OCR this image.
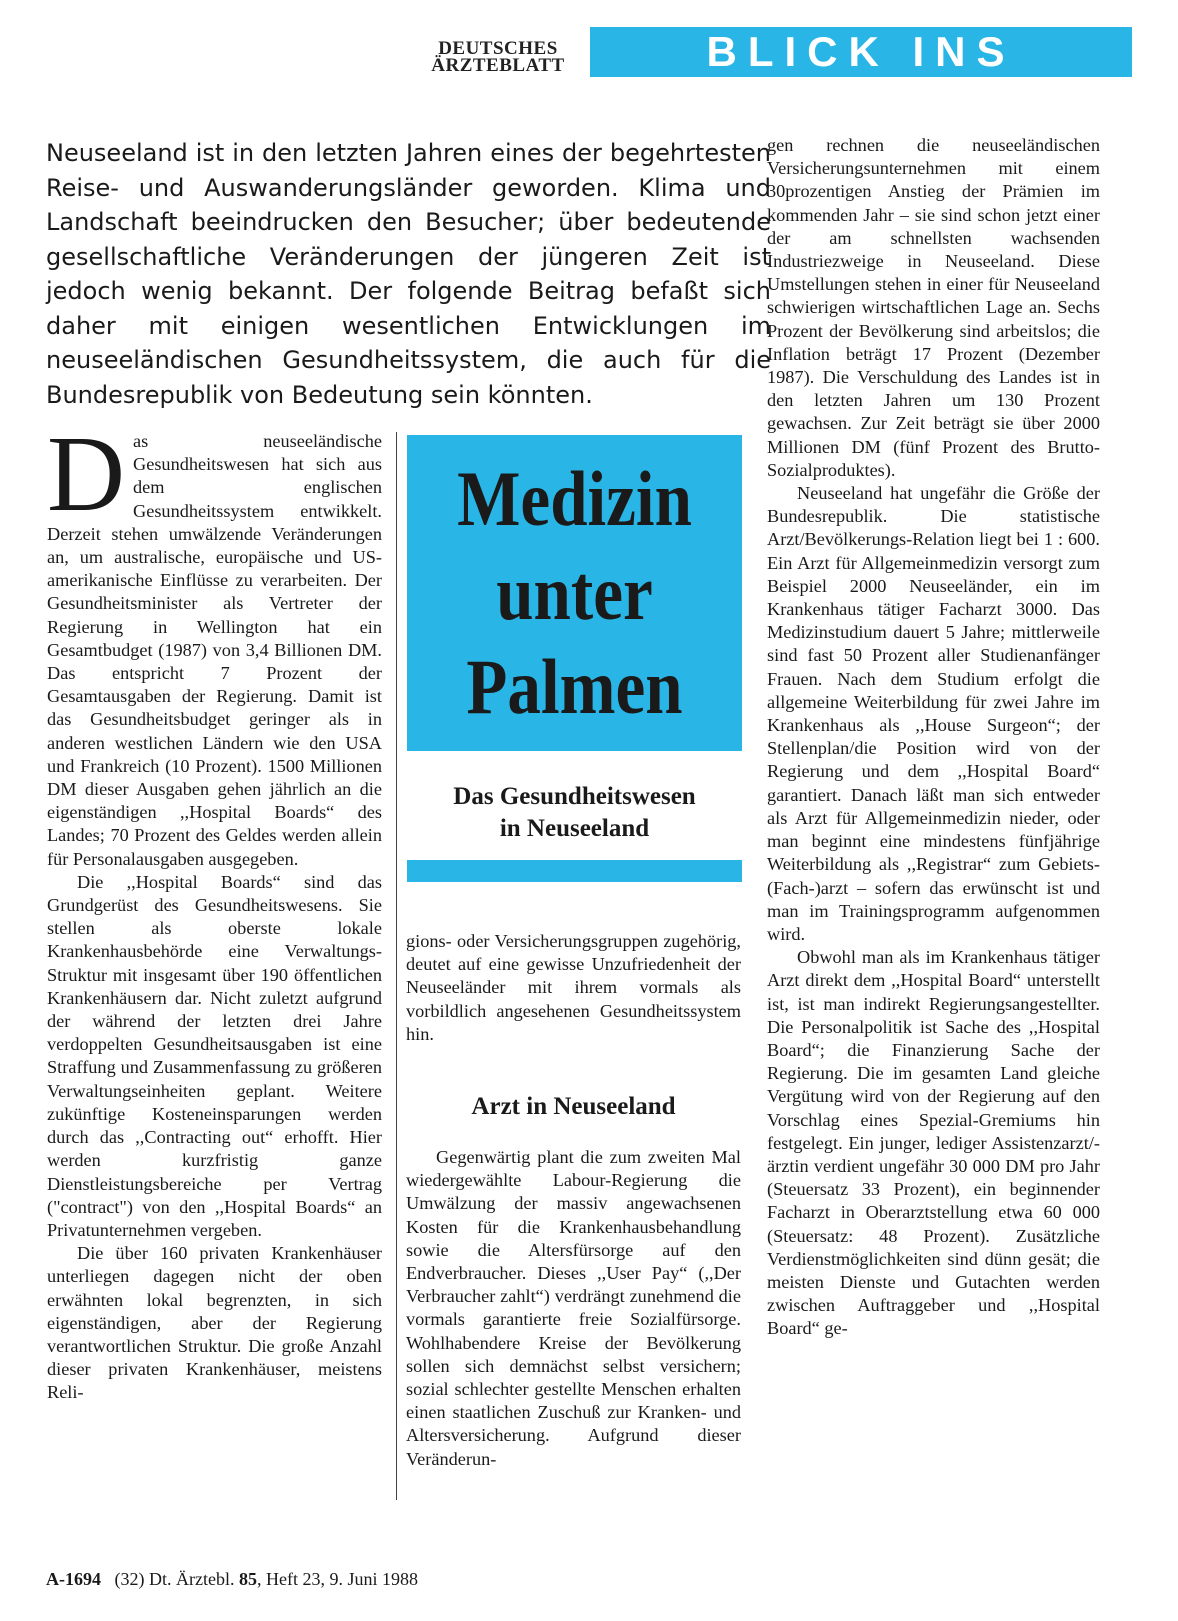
DEUTSCHES
ÄRZTEBLATT	BLICK INS AUSLAND
Neuseeland ist in den letzten Jahren eines der begehrtesten Reise- und Auswanderungsländer geworden. Klima und Landschaft beeindrucken den Besucher; über bedeutende gesellschaftliche Veränderungen der jüngeren Zeit ist jedoch wenig bekannt. Der folgende Beitrag befaßt sich daher mit einigen wesentlichen Entwicklungen im neuseeländischen Gesundheitssystem, die auch für die Bundesrepublik von Bedeutung sein könnten.

Das neuseeländische Gesundheitswesen hat sich aus dem englischen Gesundheitssystem entwikkelt. Derzeit stehen umwälzende Veränderungen an, um australische, europäische und US-amerikanische Einflüsse zu verarbeiten. Der Gesundheitsminister als Vertreter der Regierung in Wellington hat ein Gesamtbudget (1987) von 3,4 Billionen DM. Das entspricht 7 Prozent der Gesamtausgaben der Regierung. Damit ist das Gesundheitsbudget geringer als in anderen westlichen Ländern wie den USA und Frankreich (10 Prozent). 1500 Millionen DM dieser Ausgaben gehen jährlich an die eigenständigen ,,Hospital Boards“ des Landes; 70 Prozent des Geldes werden allein für Personalausgaben ausgegeben.

Die ,,Hospital Boards“ sind das Grundgerüst des Gesundheitswesens. Sie stellen als oberste lokale Krankenhausbehörde eine Verwaltungs-Struktur mit insgesamt über 190 öffentlichen Krankenhäusern dar. Nicht zuletzt aufgrund der während der letzten drei Jahre verdoppelten Gesundheitsausgaben ist eine Straffung und Zusammenfassung zu größeren Verwaltungseinheiten geplant. Weitere zukünftige Kosteneinsparungen werden durch das ,,Contracting out“ erhofft. Hier werden kurzfristig ganze Dienstleistungsbereiche per Vertrag ("contract") von den ,,Hospital Boards“ an Privatunternehmen vergeben.

Die über 160 privaten Krankenhäuser unterliegen dagegen nicht der oben erwähnten lokal begrenzten, in sich eigenständigen, aber der Regierung verantwortlichen Struktur. Die große Anzahl dieser privaten Krankenhäuser, meistens Reli-

Medizin
unter
Palmen
Das Gesundheitswesen
in Neuseeland

gions- oder Versicherungsgruppen zugehörig, deutet auf eine gewisse Unzufriedenheit der Neuseeländer mit ihrem vormals als vorbildlich angesehenen Gesundheitssystem hin.

Arzt in Neuseeland

Gegenwärtig plant die zum zweiten Mal wiedergewählte Labour-Regierung die Umwälzung der massiv angewachsenen Kosten für die Krankenhausbehandlung sowie die Altersfürsorge auf den Endverbraucher. Dieses ,,User Pay“ (,,Der Verbraucher zahlt“) verdrängt zunehmend die vormals garantierte freie Sozialfürsorge. Wohlhabendere Kreise der Bevölkerung sollen sich demnächst selbst versichern; sozial schlechter gestellte Menschen erhalten einen staatlichen Zuschuß zur Kranken- und Altersversicherung. Aufgrund dieser Veränderun-

gen rechnen die neuseeländischen Versicherungsunternehmen mit einem 30prozentigen Anstieg der Prämien im kommenden Jahr – sie sind schon jetzt einer der am schnellsten wachsenden Industriezweige in Neuseeland. Diese Umstellungen stehen in einer für Neuseeland schwierigen wirtschaftlichen Lage an. Sechs Prozent der Bevölkerung sind arbeitslos; die Inflation beträgt 17 Prozent (Dezember 1987). Die Verschuldung des Landes ist in den letzten Jahren um 130 Prozent gewachsen. Zur Zeit beträgt sie über 2000 Millionen DM (fünf Prozent des Brutto-Sozialproduktes).

Neuseeland hat ungefähr die Größe der Bundesrepublik. Die statistische Arzt/Bevölkerungs-Relation liegt bei 1 : 600. Ein Arzt für Allgemeinmedizin versorgt zum Beispiel 2000 Neuseeländer, ein im Krankenhaus tätiger Facharzt 3000. Das Medizinstudium dauert 5 Jahre; mittlerweile sind fast 50 Prozent aller Studienanfänger Frauen. Nach dem Studium erfolgt die allgemeine Weiterbildung für zwei Jahre im Krankenhaus als ,,House Surgeon“; der Stellenplan/die Position wird von der Regierung und dem ,,Hospital Board“ garantiert. Danach läßt man sich entweder als Arzt für Allgemeinmedizin nieder, oder man beginnt eine mindestens fünfjährige Weiterbildung als ,,Registrar“ zum Gebiets-(Fach-)arzt – sofern das erwünscht ist und man im Trainingsprogramm aufgenommen wird.

Obwohl man als im Krankenhaus tätiger Arzt direkt dem ,,Hospital Board“ unterstellt ist, ist man indirekt Regierungsangestellter. Die Personalpolitik ist Sache des ,,Hospital Board“; die Finanzierung Sache der Regierung. Die im gesamten Land gleiche Vergütung wird von der Regierung auf den Vorschlag eines Spezial-Gremiums hin festgelegt. Ein junger, lediger Assistenzarzt/-ärztin verdient ungefähr 30 000 DM pro Jahr (Steuersatz 33 Prozent), ein beginnender Facharzt in Oberarztstellung etwa 60 000 (Steuersatz: 48 Prozent). Zusätzliche Verdienstmöglichkeiten sind dünn gesät; die meisten Dienste und Gutachten werden zwischen Auftraggeber und ,,Hospital Board“ ge-

A-1694 (32) Dt. Ärztebl. 85, Heft 23, 9. Juni 1988
